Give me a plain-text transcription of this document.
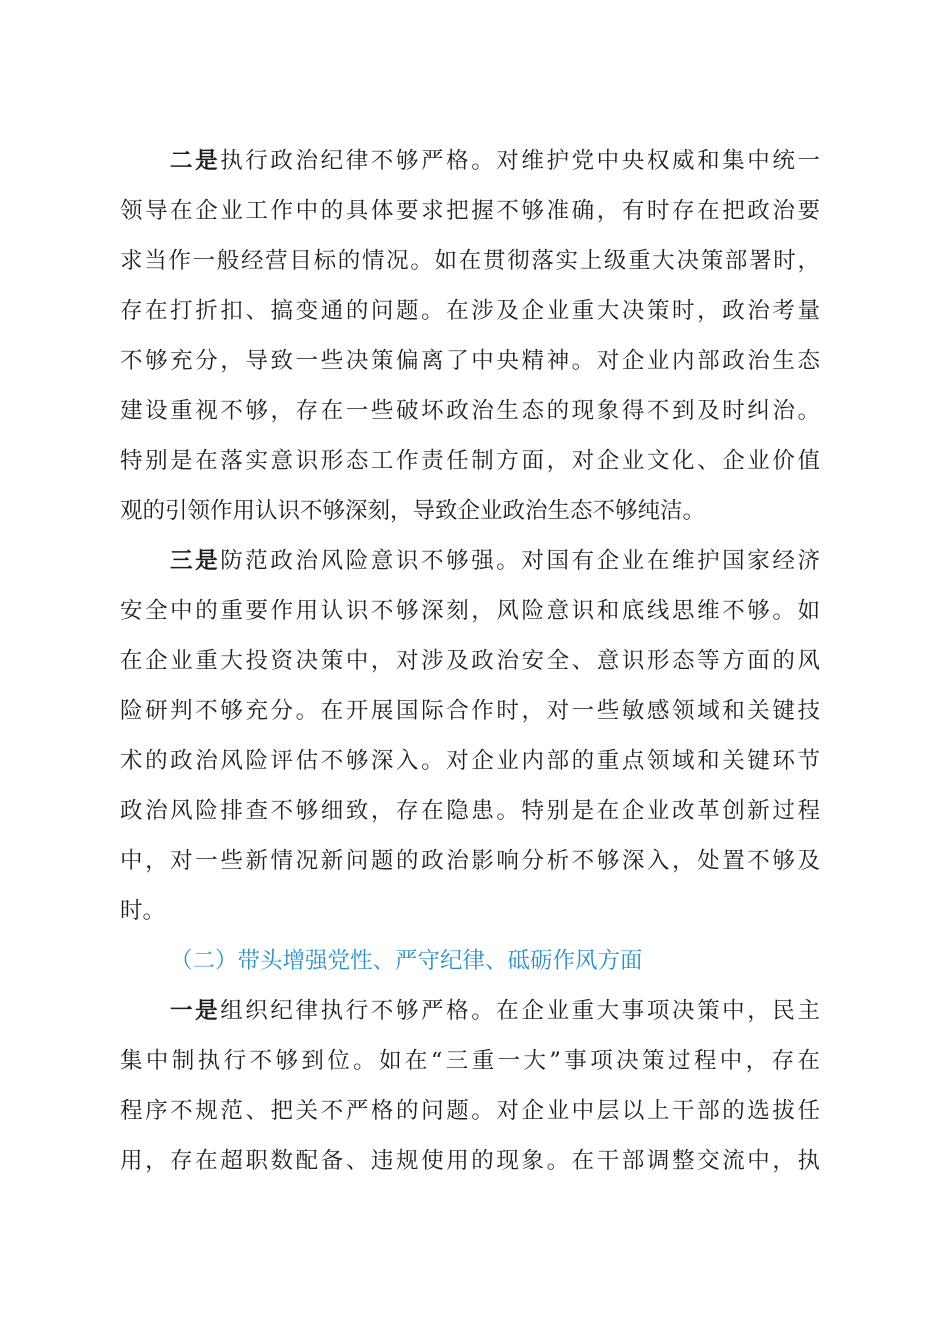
二是执行政治纪律不够严格。对维护党中央权威和集中统一
领导在企业工作中的具体要求把握不够准确，有时存在把政治要
求当作一般经营目标的情况。如在贯彻落实上级重大决策部署时，
存在打折扣、搞变通的问题。在涉及企业重大决策时，政治考量
不够充分，导致一些决策偏离了中央精神。对企业内部政治生态
建设重视不够，存在一些破坏政治生态的现象得不到及时纠治。
特别是在落实意识形态工作责任制方面，对企业文化、企业价值
观的引领作用认识不够深刻，导致企业政治生态不够纯洁。
三是防范政治风险意识不够强。对国有企业在维护国家经济
安全中的重要作用认识不够深刻，风险意识和底线思维不够。如
在企业重大投资决策中，对涉及政治安全、意识形态等方面的风
险研判不够充分。在开展国际合作时，对一些敏感领域和关键技
术的政治风险评估不够深入。对企业内部的重点领域和关键环节
政治风险排查不够细致，存在隐患。特别是在企业改革创新过程
中，对一些新情况新问题的政治影响分析不够深入，处置不够及
时。
（二）带头增强党性、严守纪律、砥砺作风方面
一是组织纪律执行不够严格。在企业重大事项决策中，民主
集中制执行不够到位。如在“三重一大”事项决策过程中，存在
程序不规范、把关不严格的问题。对企业中层以上干部的选拔任
用，存在超职数配备、违规使用的现象。在干部调整交流中，执
